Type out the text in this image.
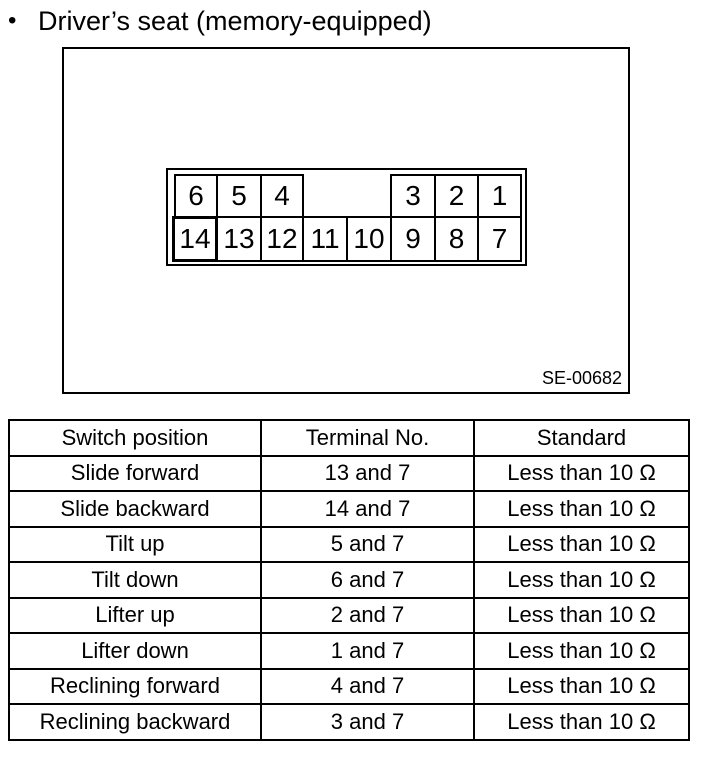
• Driver’s seat (memory-equipped)
6 5 4	3 2 1
14 13 12 11 10 9 8 7
SE-00682
Switch position	Terminal No.	Standard
Slide forward	13 and 7	Less than 10 Ω
Slide backward	14 and 7	Less than 10 Ω
Tilt up	5 and 7	Less than 10 Ω
Tilt down	6 and 7	Less than 10 Ω
Lifter up	2 and 7	Less than 10 Ω
Lifter down	1 and 7	Less than 10 Ω
Reclining forward	4 and 7	Less than 10 Ω
Reclining backward	3 and 7	Less than 10 Ω
